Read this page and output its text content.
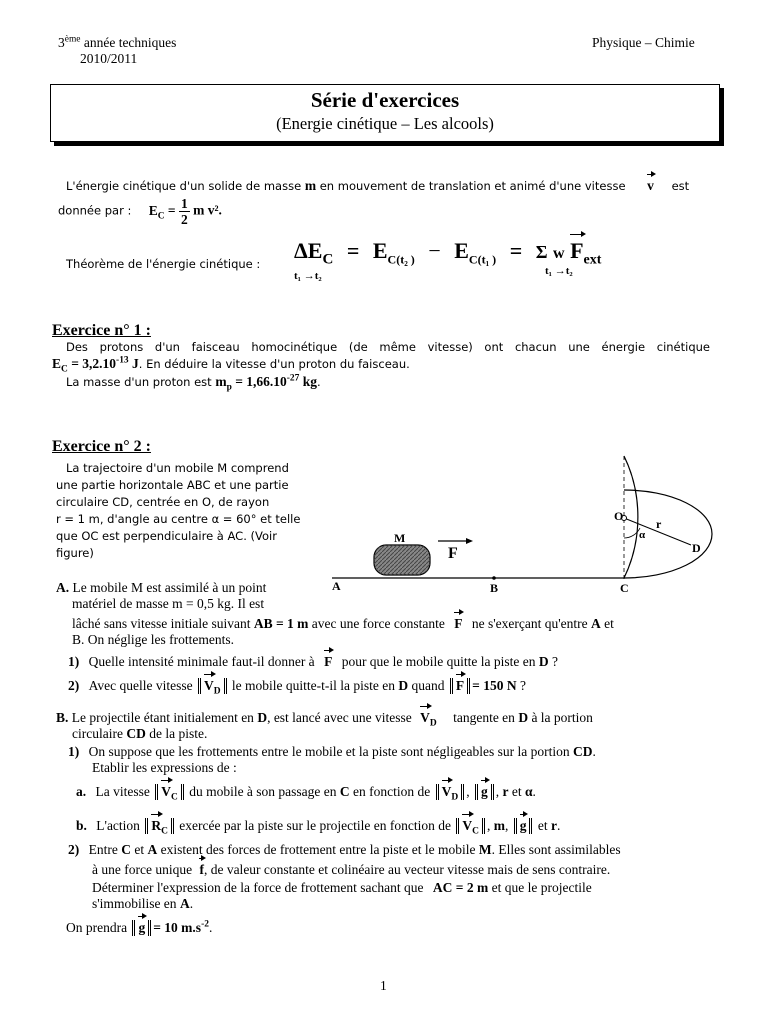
3ème année techniques
2010/2011
Physique – Chimie
Série d'exercices
(Energie cinétique – Les alcools)
L'énergie cinétique d'un solide de masse m en mouvement de translation et animé d'une vitesse v est
donnée par : $E_C = \frac{1}{2}$ m v².
Théorème de l'énergie cinétique :
$\Delta E_C = E_{C(t_2 )} - E_{C(t_1 )} = \Sigma$ w $F_{ext}$
t₁ →t₂	t₁ →t₂
Exercice n° 1 :
Des protons d'un faisceau homocinétique (de même vitesse) ont chacun une énergie cinétique
$E_C = 3,2.10^{-13}$ J. En déduire la vitesse d'un proton du faisceau.
La masse d'un proton est $m_p = 1,66.10^{-27}$ kg.
Exercice n° 2 :
La trajectoire d'un mobile M comprend
une partie horizontale ABC et une partie
circulaire CD, centrée en O, de rayon
r = 1 m, d'angle au centre α = 60° et telle
que OC est perpendiculaire à AC. (Voir
figure)
A	B	C
D
O
M
F
r
α
A. Le mobile M est assimilé à un point
matériel de masse m = 0,5 kg. Il est
lâché sans vitesse initiale suivant AB = 1 m avec une force constante F ne s'exerçant qu'entre A et
B. On néglige les frottements.
1) Quelle intensité minimale faut-il donner à F pour que le mobile quitte la piste en D ?
2) Avec quelle vitesse $V_D$ le mobile quitte-t-il la piste en D quand F = 150 N ?
B. Le projectile étant initialement en D, est lancé avec une vitesse $V_D$ tangente en D à la portion
circulaire CD de la piste.
1) On suppose que les frottements entre le mobile et la piste sont négligeables sur la portion CD.
Etablir les expressions de :
a. La vitesse $V_C$ du mobile à son passage en C en fonction de $V_D$ , g , r et α.
b. L'action $R_C$ exercée par la piste sur le projectile en fonction de $V_C$ , m, g et r.
2) Entre C et A existent des forces de frottement entre la piste et le mobile M. Elles sont assimilables
à une force unique f, de valeur constante et colinéaire au vecteur vitesse mais de sens contraire.
Déterminer l'expression de la force de frottement sachant que AC = 2 m et que le projectile
s'immobilise en A.
On prendra g = 10 $m.s^{-2}$.
1
